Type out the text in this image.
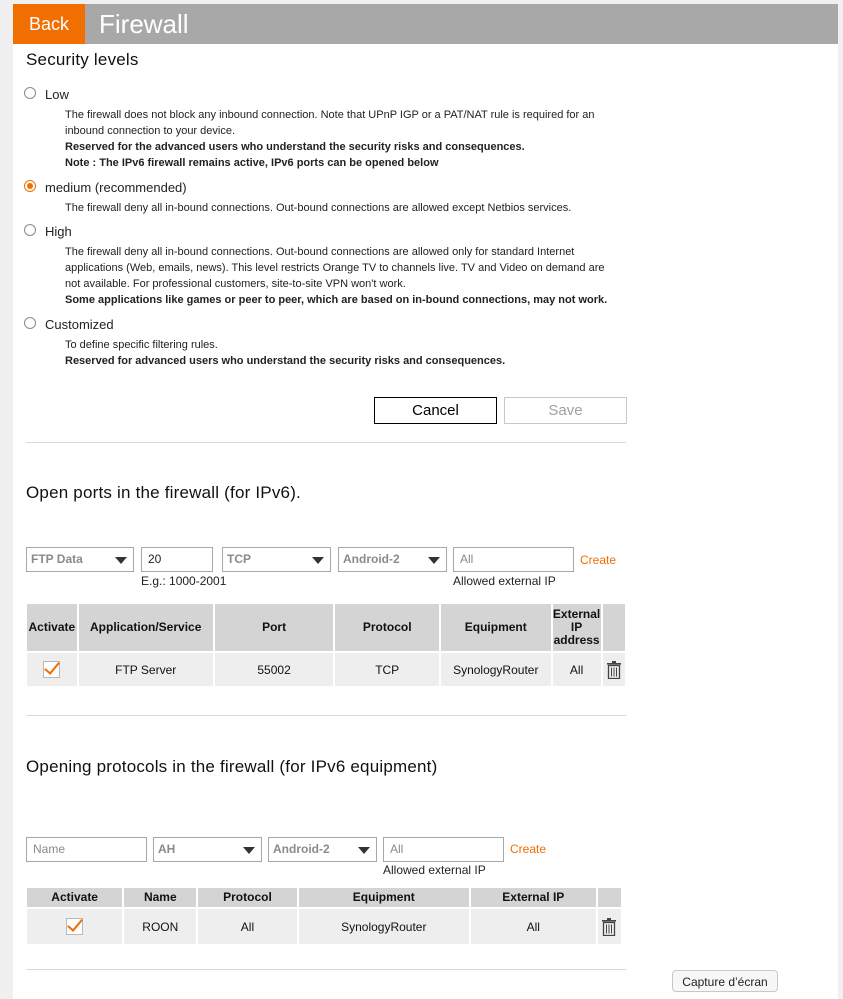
Back	Firewall
Security levels
Low
The firewall does not block any inbound connection. Note that UPnP IGP or a PAT/NAT rule is required for an
inbound connection to your device.
Reserved for the advanced users who understand the security risks and consequences.
Note : The IPv6 firewall remains active, IPv6 ports can be opened below
medium (recommended)
The firewall deny all in-bound connections. Out-bound connections are allowed except Netbios services.
High
The firewall deny all in-bound connections. Out-bound connections are allowed only for standard Internet
applications (Web, emails, news). This level restricts Orange TV to channels live. TV and Video on demand are
not available. For professional customers, site-to-site VPN won't work.
Some applications like games or peer to peer, which are based on in-bound connections, may not work.
Customized
To define specific filtering rules.
Reserved for advanced users who understand the security risks and consequences.
Cancel	Save
Open ports in the firewall (for IPv6).
FTP Data	20	TCP	Android-2	All	Create
E.g.: 1000-2001	Allowed external IP
Activate	Application/Service	Port	Protocol	Equipment	External
IP
address	

	FTP Server	55002	TCP	SynologyRouter	All	
Opening protocols in the firewall (for IPv6 equipment)
Name	AH	Android-2	All	Create
Allowed external IP
Activate	Name	Protocol	Equipment	External IP	
	ROON	All	SynologyRouter	All	
Capture d’écran
